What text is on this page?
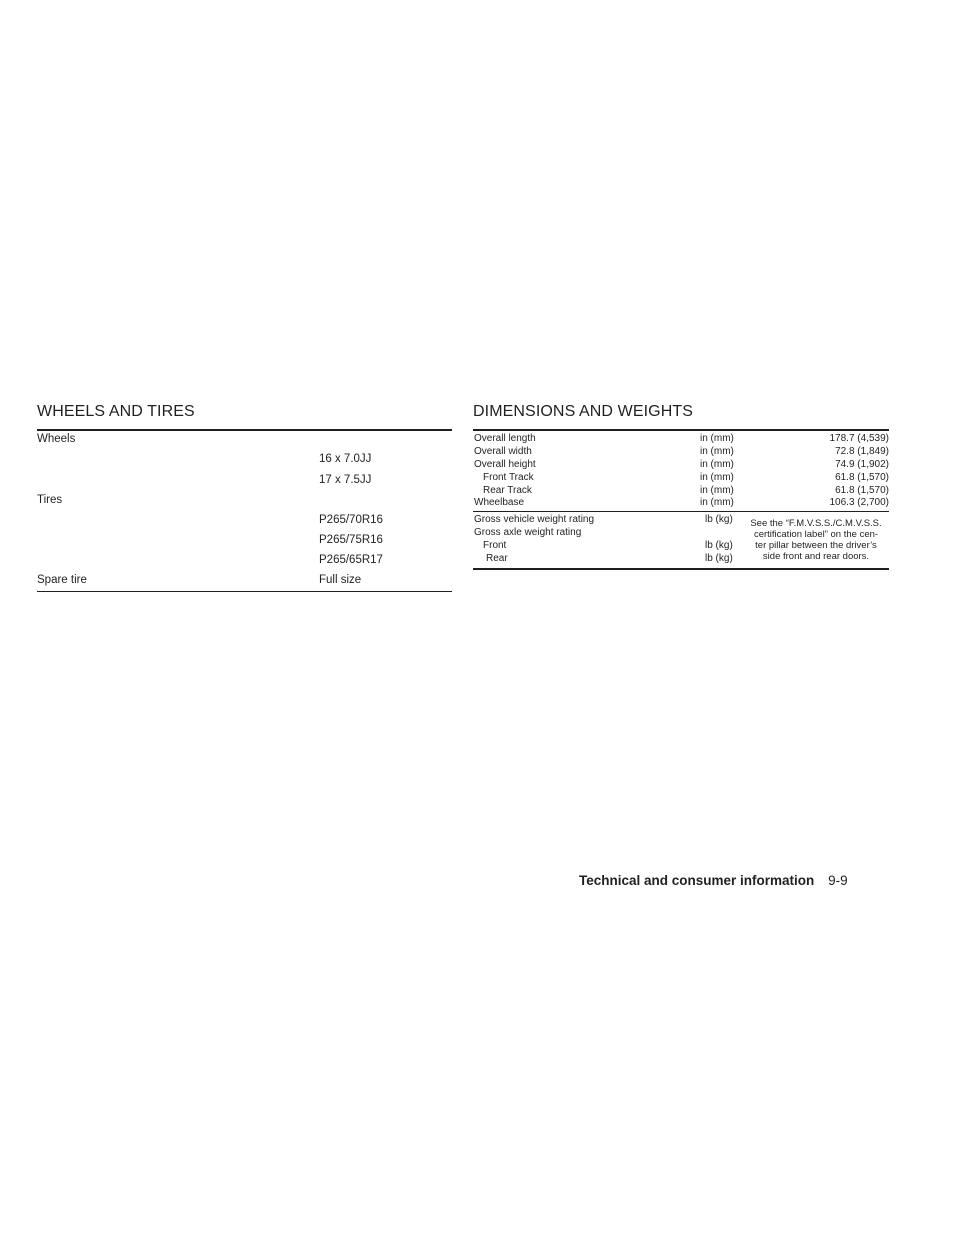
WHEELS AND TIRES
Wheels
16 x 7.0JJ
17 x 7.5JJ
Tires
P265/70R16
P265/75R16
P265/65R17
Spare tire	Full size
DIMENSIONS AND WEIGHTS
Overall length	in (mm)	178.7 (4,539)
Overall width	in (mm)	72.8 (1,849)
Overall height	in (mm)	74.9 (1,902)
Front Track	in (mm)	61.8 (1,570)
Rear Track	in (mm)	61.8 (1,570)
Wheelbase	in (mm)	106.3 (2,700)
Gross vehicle weight rating	lb (kg)
Gross axle weight rating
Front	lb (kg)
Rear	lb (kg)
See the “F.M.V.S.S./C.M.V.S.S.
certification label” on the cen-
ter pillar between the driver’s
side front and rear doors.
Technical and consumer information 9-9
